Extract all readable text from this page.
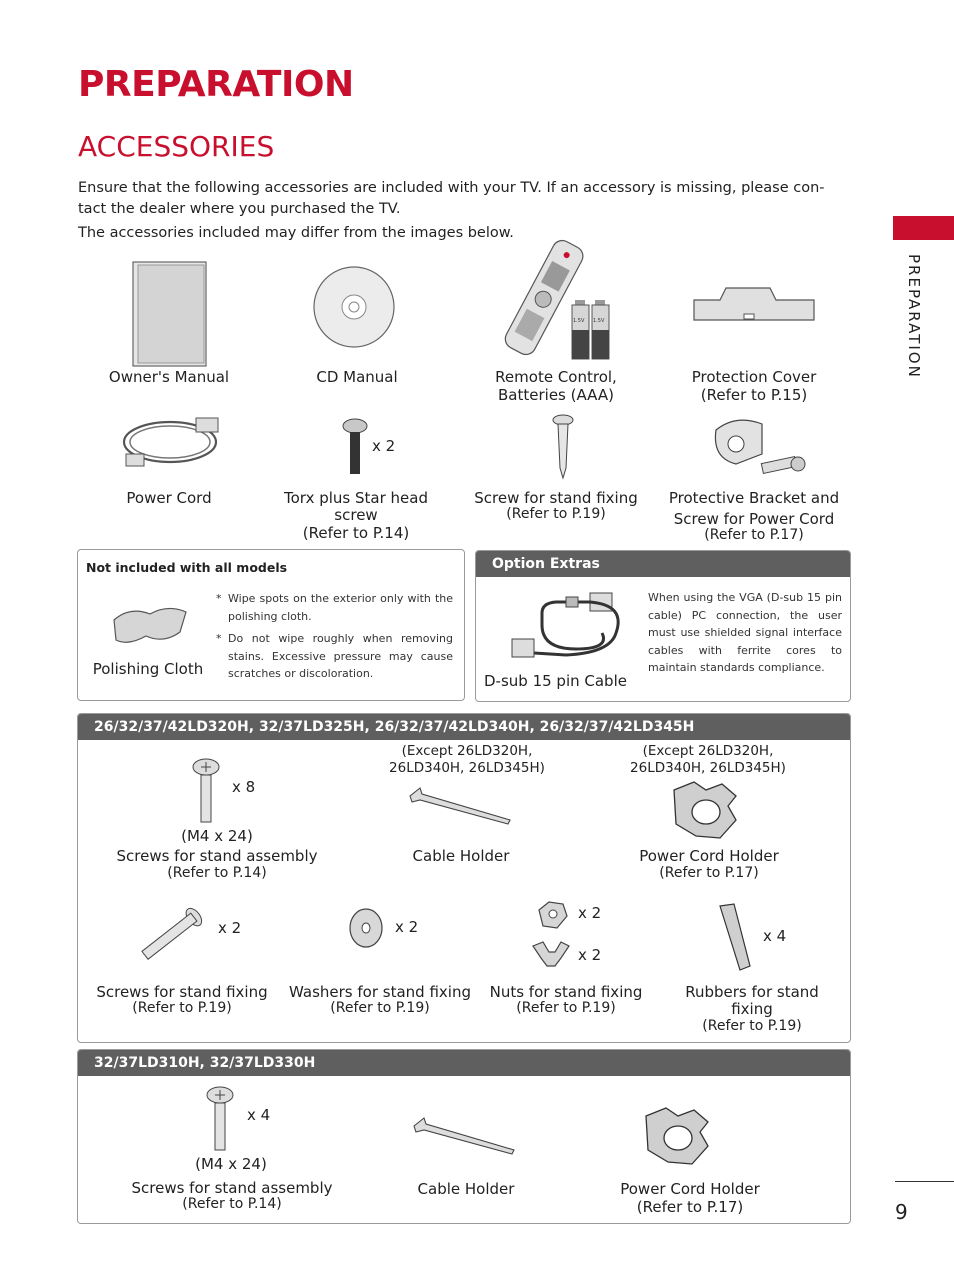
PREPARATION
ACCESSORIES
Ensure that the following accessories are included with your TV. If an accessory is missing, please con-
tact the dealer where you purchased the TV.
The accessories included may differ from the images below.
PREPARATION
1.5V 1.5V
Owner's Manual	CD Manual	Remote Control,
Batteries (AAA)
Protection Cover
(Refer to P.15)
x 2
Power Cord	Torx plus Star head
screw
(Refer to P.14)
Screw for stand fixing
(Refer to P.19)
Protective Bracket and
Screw for Power Cord
(Refer to P.17)
Not included with all models
Polishing Cloth
* Wipe spots on the exterior only with the polishing cloth.
* Do not wipe roughly when removing stains. Excessive pressure may cause scratches or discoloration.
Option Extras
D-sub 15 pin Cable
When using the VGA (D-sub 15 pin cable) PC connection, the user must use shielded signal interface cables with ferrite cores to maintain standards compliance.
26/32/37/42LD320H, 32/37LD325H, 26/32/37/42LD340H, 26/32/37/42LD345H
(Except 26LD320H,
26LD340H, 26LD345H)
(Except 26LD320H,
26LD340H, 26LD345H)
x 8
(M4 x 24)
Screws for stand assembly
(Refer to P.14)
Cable Holder	Power Cord Holder
(Refer to P.17)
x 2
Screws for stand fixing
(Refer to P.19)
x 2
Washers for stand fixing
(Refer to P.19)
x 2
x 2
Nuts for stand fixing
(Refer to P.19)
x 4
Rubbers for stand
fixing
(Refer to P.19)
32/37LD310H, 32/37LD330H
x 4
(M4 x 24)
Screws for stand assembly
(Refer to P.14)
Cable Holder	Power Cord Holder
(Refer to P.17)	9
